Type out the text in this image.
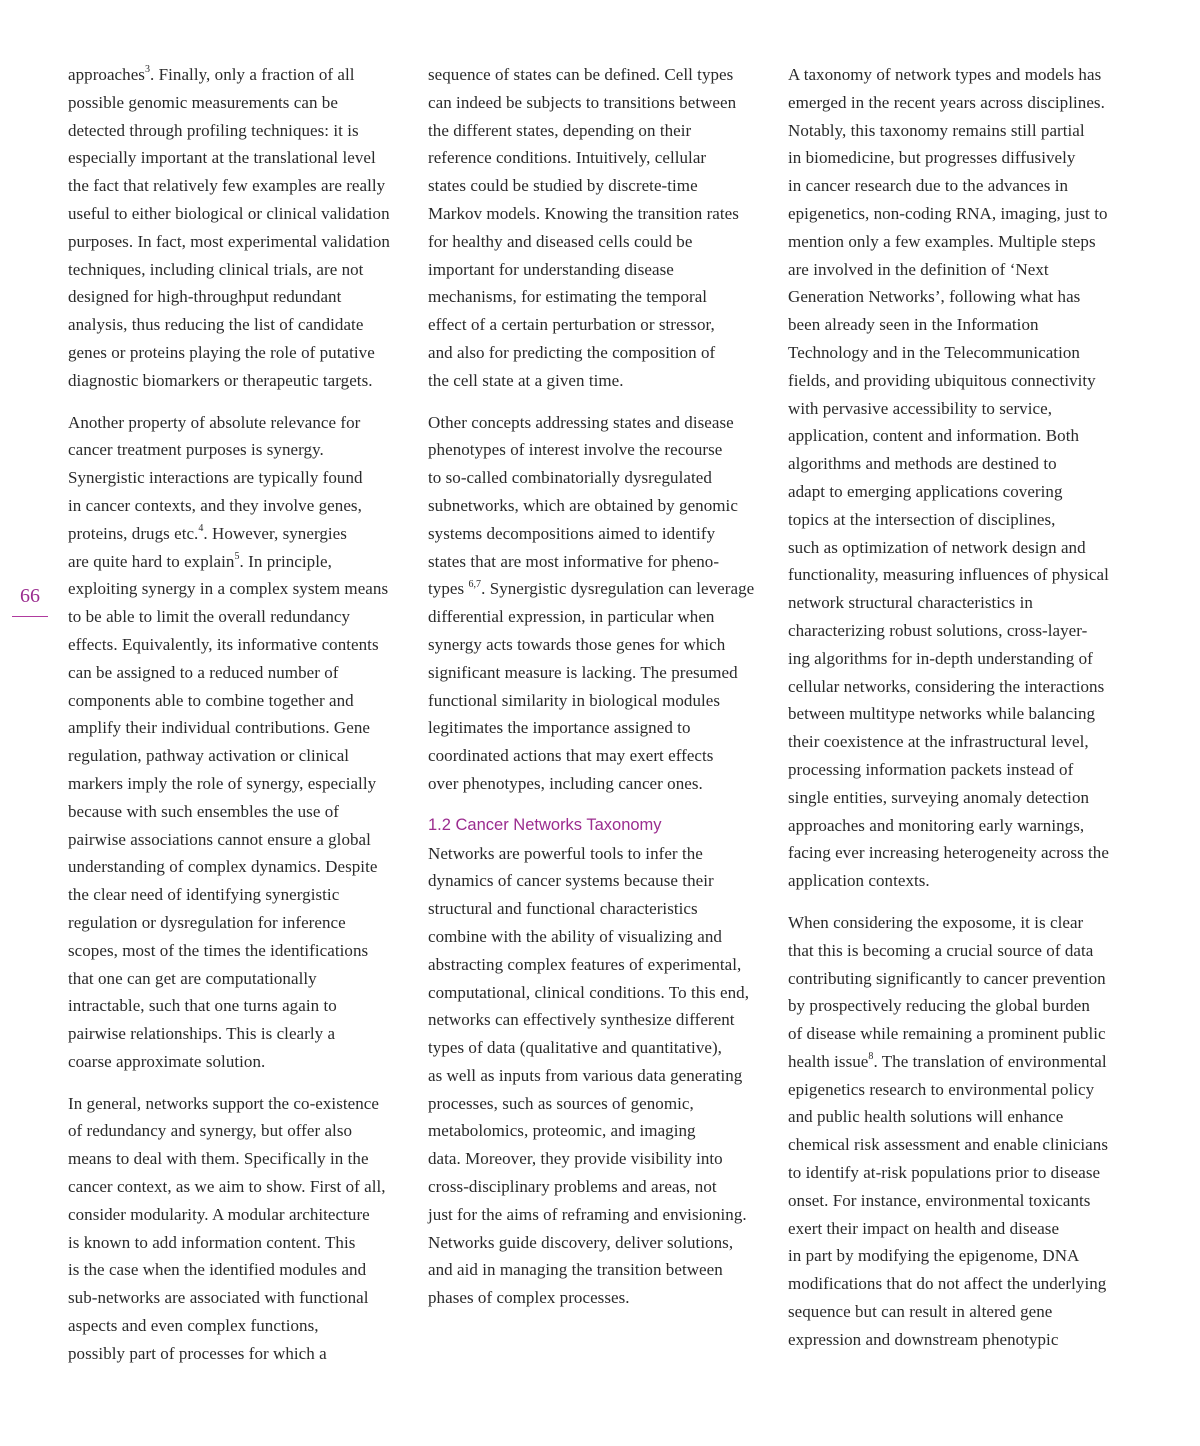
66
approaches$^3$. Finally, only a fraction of all
possible genomic measurements can be
detected through profiling techniques: it is
especially important at the translational level
the fact that relatively few examples are really
useful to either biological or clinical validation
purposes. In fact, most experimental validation
techniques, including clinical trials, are not
designed for high-throughput redundant
analysis, thus reducing the list of candidate
genes or proteins playing the role of putative
diagnostic biomarkers or therapeutic targets.
Another property of absolute relevance for
cancer treatment purposes is synergy.
Synergistic interactions are typically found
in cancer contexts, and they involve genes,
proteins, drugs etc.$^4$. However, synergies
are quite hard to explain$^5$. In principle,
exploiting synergy in a complex system means
to be able to limit the overall redundancy
effects. Equivalently, its informative contents
can be assigned to a reduced number of
components able to combine together and
amplify their individual contributions. Gene
regulation, pathway activation or clinical
markers imply the role of synergy, especially
because with such ensembles the use of
pairwise associations cannot ensure a global
understanding of complex dynamics. Despite
the clear need of identifying synergistic
regulation or dysregulation for inference
scopes, most of the times the identifications
that one can get are computationally
intractable, such that one turns again to
pairwise relationships. This is clearly a
coarse approximate solution.
In general, networks support the co-existence
of redundancy and synergy, but offer also
means to deal with them. Specifically in the
cancer context, as we aim to show. First of all,
consider modularity. A modular architecture
is known to add information content. This
is the case when the identified modules and
sub-networks are associated with functional
aspects and even complex functions,
possibly part of processes for which a
sequence of states can be defined. Cell types
can indeed be subjects to transitions between
the different states, depending on their
reference conditions. Intuitively, cellular
states could be studied by discrete-time
Markov models. Knowing the transition rates
for healthy and diseased cells could be
important for understanding disease
mechanisms, for estimating the temporal
effect of a certain perturbation or stressor,
and also for predicting the composition of
the cell state at a given time.
Other concepts addressing states and disease
phenotypes of interest involve the recourse
to so-called combinatorially dysregulated
subnetworks, which are obtained by genomic
systems decompositions aimed to identify
states that are most informative for pheno-
types $^{6,7}$. Synergistic dysregulation can leverage
differential expression, in particular when
synergy acts towards those genes for which
significant measure is lacking. The presumed
functional similarity in biological modules
legitimates the importance assigned to
coordinated actions that may exert effects
over phenotypes, including cancer ones.
1.2 Cancer Networks Taxonomy
Networks are powerful tools to infer the
dynamics of cancer systems because their
structural and functional characteristics
combine with the ability of visualizing and
abstracting complex features of experimental,
computational, clinical conditions. To this end,
networks can effectively synthesize different
types of data (qualitative and quantitative),
as well as inputs from various data generating
processes, such as sources of genomic,
metabolomics, proteomic, and imaging
data. Moreover, they provide visibility into
cross-disciplinary problems and areas, not
just for the aims of reframing and envisioning.
Networks guide discovery, deliver solutions,
and aid in managing the transition between
phases of complex processes.
A taxonomy of network types and models has
emerged in the recent years across disciplines.
Notably, this taxonomy remains still partial
in biomedicine, but progresses diffusively
in cancer research due to the advances in
epigenetics, non-coding RNA, imaging, just to
mention only a few examples. Multiple steps
are involved in the definition of ‘Next
Generation Networks’, following what has
been already seen in the Information
Technology and in the Telecommunication
fields, and providing ubiquitous connectivity
with pervasive accessibility to service,
application, content and information. Both
algorithms and methods are destined to
adapt to emerging applications covering
topics at the intersection of disciplines,
such as optimization of network design and
functionality, measuring influences of physical
network structural characteristics in
characterizing robust solutions, cross-layer-
ing algorithms for in-depth understanding of
cellular networks, considering the interactions
between multitype networks while balancing
their coexistence at the infrastructural level,
processing information packets instead of
single entities, surveying anomaly detection
approaches and monitoring early warnings,
facing ever increasing heterogeneity across the
application contexts.
When considering the exposome, it is clear
that this is becoming a crucial source of data
contributing significantly to cancer prevention
by prospectively reducing the global burden
of disease while remaining a prominent public
health issue$^8$. The translation of environmental
epigenetics research to environmental policy
and public health solutions will enhance
chemical risk assessment and enable clinicians
to identify at-risk populations prior to disease
onset. For instance, environmental toxicants
exert their impact on health and disease
in part by modifying the epigenome, DNA
modifications that do not affect the underlying
sequence but can result in altered gene
expression and downstream phenotypic
